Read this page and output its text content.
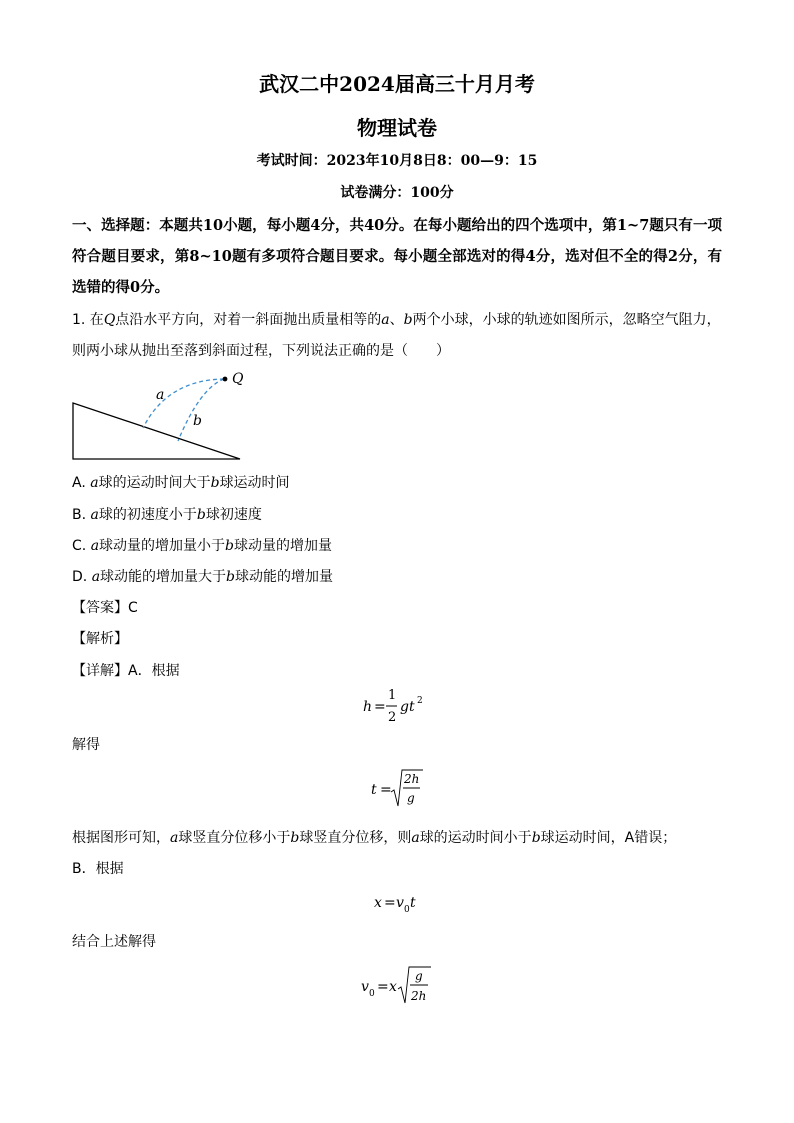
武汉二中2024届高三十月月考
物理试卷
考试时间：2023年10月8日8：00—9：15
试卷满分：100分
一、选择题：本题共10小题，每小题4分，共40分。在每小题给出的四个选项中，第1~7题只有一项符合题目要求，第8~10题有多项符合题目要求。每小题全部选对的得4分，选对但不全的得2分，有选错的得0分。
1. 在Q点沿水平方向，对着一斜面抛出质量相等的a、b两个小球，小球的轨迹如图所示，忽略空气阻力，则两小球从抛出至落到斜面过程，下列说法正确的是（　　）
Q
a
b
A. a球的运动时间大于b球运动时间
B. a球的初速度小于b球初速度
C. a球动量的增加量小于b球动量的增加量
D. a球动能的增加量大于b球动能的增加量
【答案】C
【解析】
【详解】A．根据
h =
1
2
gt 2
解得
t =
2h
g
根据图形可知，a球竖直分位移小于b球竖直分位移，则a球的运动时间小于b球运动时间，A错误；
B．根据
x = v 0 t
结合上述解得
v 0 = x
g
2h
